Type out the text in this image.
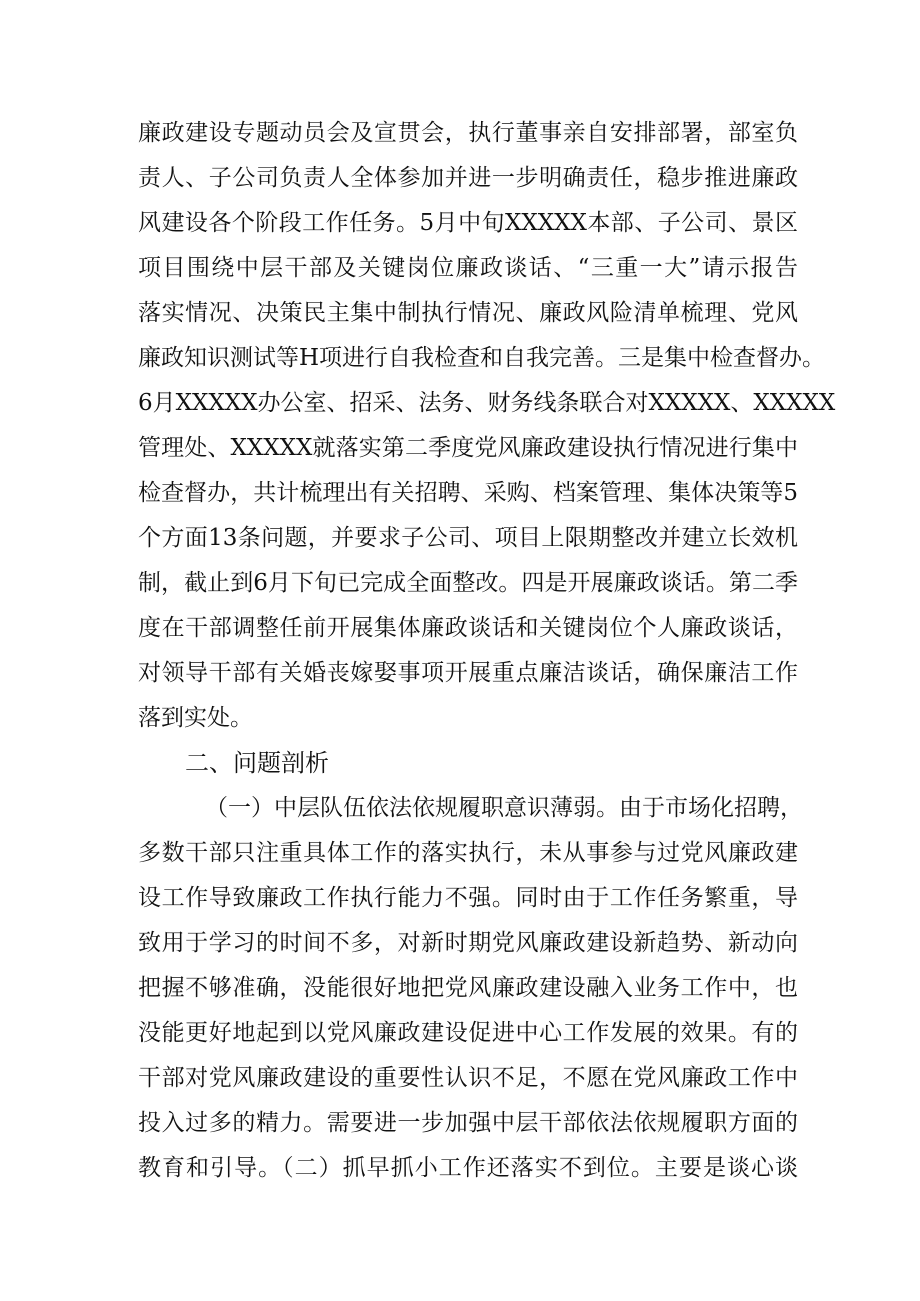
廉政建设专题动员会及宣贯会，执行董事亲自安排部署，部室负
责人、子公司负责人全体参加并进一步明确责任，稳步推进廉政
风建设各个阶段工作任务。5月中旬XXXXX本部、子公司、景区
项目围绕中层干部及关键岗位廉政谈话、“三重一大”请示报告
落实情况、决策民主集中制执行情况、廉政风险清单梳理、党风
廉政知识测试等H项进行自我检查和自我完善。三是集中检查督办。
6月XXXXX办公室、招采、法务、财务线条联合对XXXXX、XXXXX
管理处、XXXXX就落实第二季度党风廉政建设执行情况进行集中
检查督办，共计梳理出有关招聘、采购、档案管理、集体决策等5
个方面13条问题，并要求子公司、项目上限期整改并建立长效机
制，截止到6月下旬已完成全面整改。四是开展廉政谈话。第二季
度在干部调整任前开展集体廉政谈话和关键岗位个人廉政谈话，
对领导干部有关婚丧嫁娶事项开展重点廉洁谈话，确保廉洁工作
落到实处。
二、问题剖析
（一）中层队伍依法依规履职意识薄弱。由于市场化招聘，
多数干部只注重具体工作的落实执行，未从事参与过党风廉政建
设工作导致廉政工作执行能力不强。同时由于工作任务繁重，导
致用于学习的时间不多，对新时期党风廉政建设新趋势、新动向
把握不够准确，没能很好地把党风廉政建设融入业务工作中，也
没能更好地起到以党风廉政建设促进中心工作发展的效果。有的
干部对党风廉政建设的重要性认识不足，不愿在党风廉政工作中
投入过多的精力。需要进一步加强中层干部依法依规履职方面的
教育和引导。（二）抓早抓小工作还落实不到位。主要是谈心谈
